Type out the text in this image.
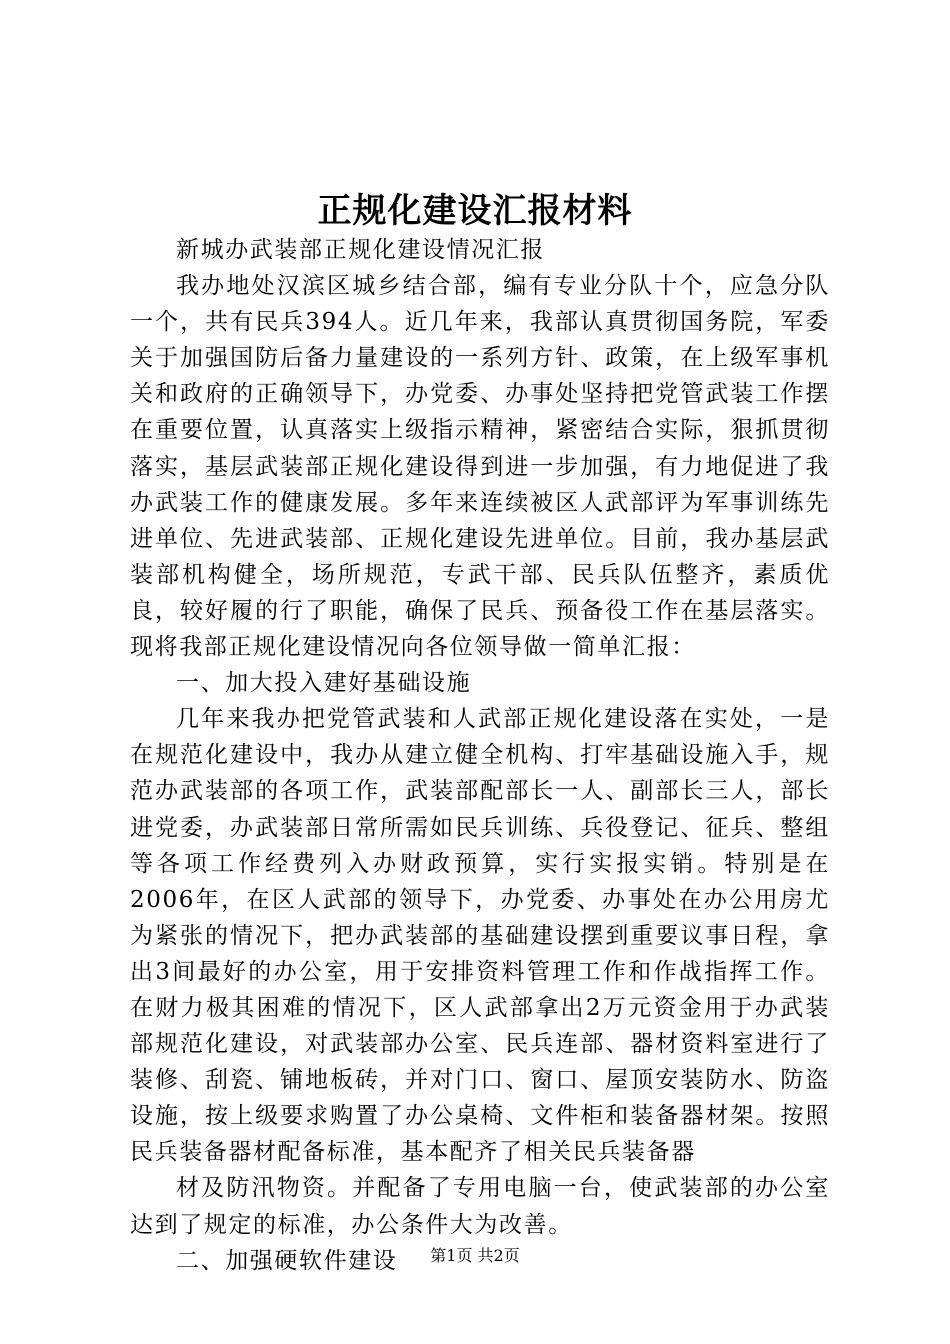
正规化建设汇报材料

新城办武装部正规化建设情况汇报

我办地处汉滨区城乡结合部，编有专业分队十个，应急分队一个，共有民兵394人。近几年来，我部认真贯彻国务院，军委关于加强国防后备力量建设的一系列方针、政策，在上级军事机关和政府的正确领导下，办党委、办事处坚持把党管武装工作摆在重要位置，认真落实上级指示精神，紧密结合实际，狠抓贯彻落实，基层武装部正规化建设得到进一步加强，有力地促进了我办武装工作的健康发展。多年来连续被区人武部评为军事训练先进单位、先进武装部、正规化建设先进单位。目前，我办基层武装部机构健全，场所规范，专武干部、民兵队伍整齐，素质优良，较好履的行了职能，确保了民兵、预备役工作在基层落实。现将我部正规化建设情况向各位领导做一简单汇报：

一、加大投入建好基础设施

几年来我办把党管武装和人武部正规化建设落在实处，一是在规范化建设中，我办从建立健全机构、打牢基础设施入手，规范办武装部的各项工作，武装部配部长一人、副部长三人，部长进党委，办武装部日常所需如民兵训练、兵役登记、征兵、整组等各项工作经费列入办财政预算，实行实报实销。特别是在2006年，在区人武部的领导下，办党委、办事处在办公用房尤为紧张的情况下，把办武装部的基础建设摆到重要议事日程，拿出3间最好的办公室，用于安排资料管理工作和作战指挥工作。在财力极其困难的情况下，区人武部拿出2万元资金用于办武装部规范化建设，对武装部办公室、民兵连部、器材资料室进行了装修、刮瓷、铺地板砖，并对门口、窗口、屋顶安装防水、防盗设施，按上级要求购置了办公桌椅、文件柜和装备器材架。按照民兵装备器材配备标准，基本配齐了相关民兵装备器

材及防汛物资。并配备了专用电脑一台，使武装部的办公室达到了规定的标准，办公条件大为改善。

二、加强硬软件建设	第1页 共2页
